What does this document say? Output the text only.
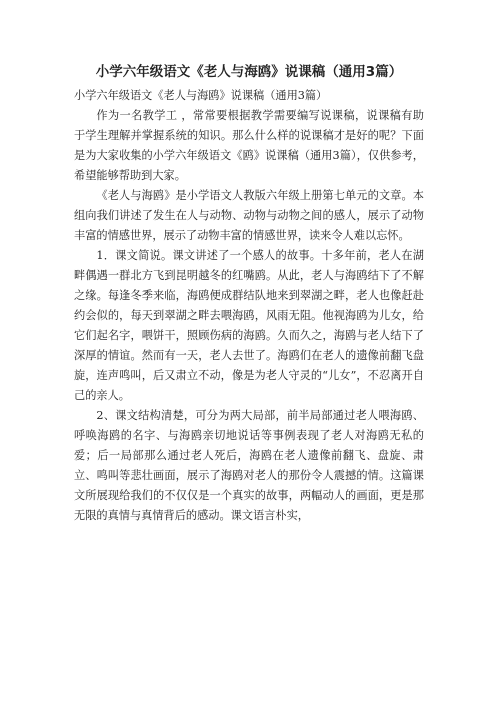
小学六年级语文《老人与海鸥》说课稿（通用3篇）

小学六年级语文《老人与海鸥》说课稿（通用3篇）

作为一名教学工 ，常常要根据教学需要编写说课稿，说课稿有助于学生理解并掌握系统的知识。那么什么样的说课稿才是好的呢？下面是为大家收集的小学六年级语文《鸥》说课稿（通用3篇），仅供参考，希望能够帮助到大家。

《老人与海鸥》是小学语文人教版六年级上册第七单元的文章。本组向我们讲述了发生在人与动物、动物与动物之间的感人，展示了动物丰富的情感世界，展示了动物丰富的情感世界，读来令人难以忘怀。

1．课文简说。课文讲述了一个感人的故事。十多年前，老人在湖畔偶遇一群北方飞到昆明越冬的红嘴鸥。从此，老人与海鸥结下了不解之缘。每逢冬季来临，海鸥便成群结队地来到翠湖之畔，老人也像赶赴约会似的，每天到翠湖之畔去喂海鸥，风雨无阻。他视海鸥为儿女，给它们起名字，喂饼干，照顾伤病的海鸥。久而久之，海鸥与老人结下了深厚的情谊。然而有一天，老人去世了。海鸥们在老人的遗像前翻飞盘旋，连声鸣叫，后又肃立不动，像是为老人守灵的“儿女”，不忍离开自己的亲人。

2、课文结构清楚，可分为两大局部，前半局部通过老人喂海鸥、呼唤海鸥的名字、与海鸥亲切地说话等事例表现了老人对海鸥无私的爱；后一局部那么通过老人死后，海鸥在老人遗像前翻飞、盘旋、肃立、鸣叫等悲壮画面，展示了海鸥对老人的那份令人震撼的情。这篇课文所展现给我们的不仅仅是一个真实的故事，两幅动人的画面，更是那无限的真情与真情背后的感动。课文语言朴实，
